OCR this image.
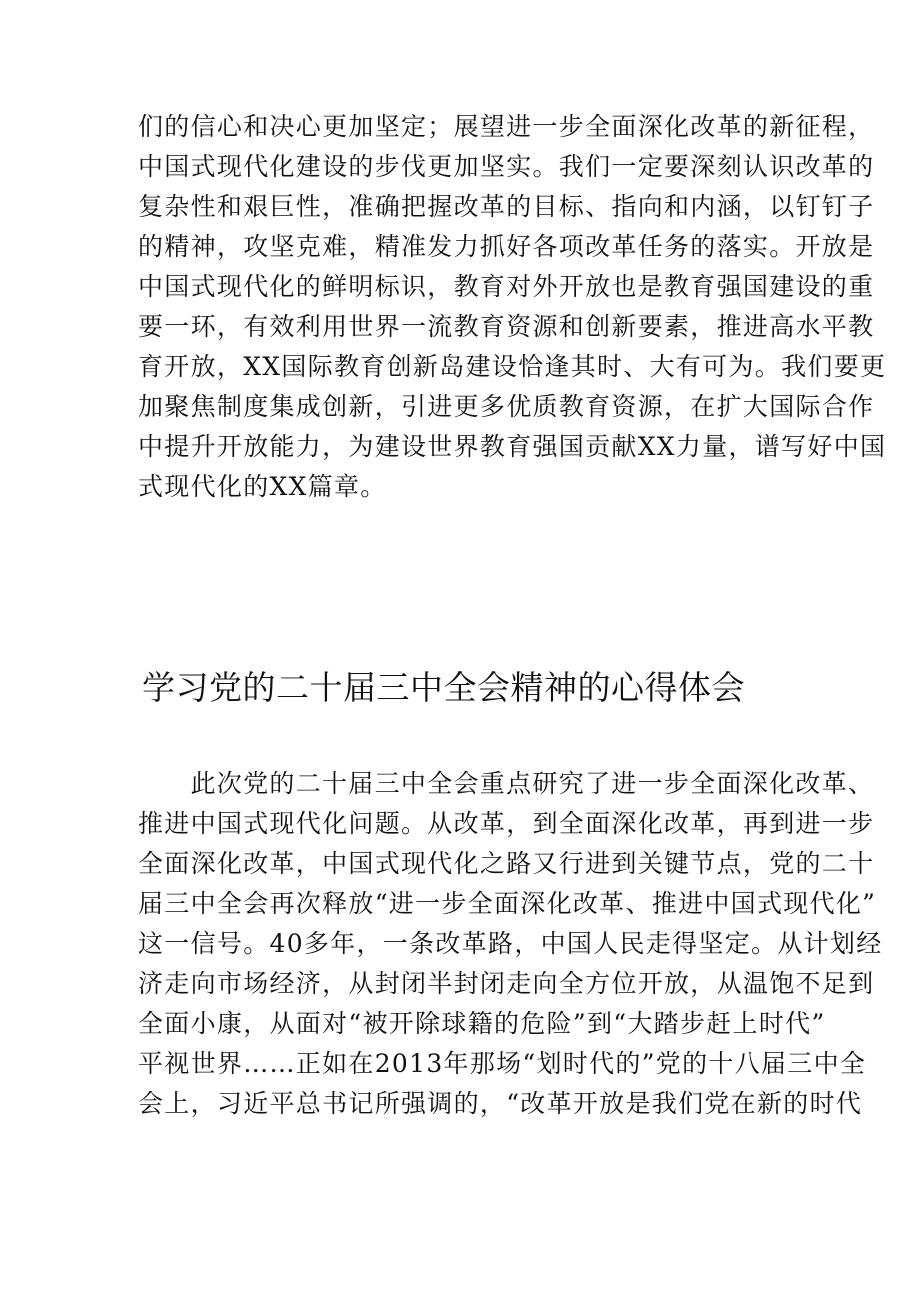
们的信心和决心更加坚定；展望进一步全面深化改革的新征程，
中国式现代化建设的步伐更加坚实。我们一定要深刻认识改革的
复杂性和艰巨性，准确把握改革的目标、指向和内涵，以钉钉子
的精神，攻坚克难，精准发力抓好各项改革任务的落实。开放是
中国式现代化的鲜明标识，教育对外开放也是教育强国建设的重
要一环，有效利用世界一流教育资源和创新要素，推进高水平教
育开放，XX国际教育创新岛建设恰逢其时、大有可为。我们要更
加聚焦制度集成创新，引进更多优质教育资源，在扩大国际合作
中提升开放能力，为建设世界教育强国贡献XX力量，谱写好中国
式现代化的XX篇章。
学习党的二十届三中全会精神的心得体会
此次党的二十届三中全会重点研究了进一步全面深化改革、
推进中国式现代化问题。从改革，到全面深化改革，再到进一步
全面深化改革，中国式现代化之路又行进到关键节点，党的二十
届三中全会再次释放“进一步全面深化改革、推进中国式现代化”
这一信号。40多年，一条改革路，中国人民走得坚定。从计划经
济走向市场经济，从封闭半封闭走向全方位开放，从温饱不足到
全面小康，从面对“被开除球籍的危险”到“大踏步赶上时代”
平视世界……正如在2013年那场“划时代的”党的十八届三中全
会上，习近平总书记所强调的，“改革开放是我们党在新的时代
